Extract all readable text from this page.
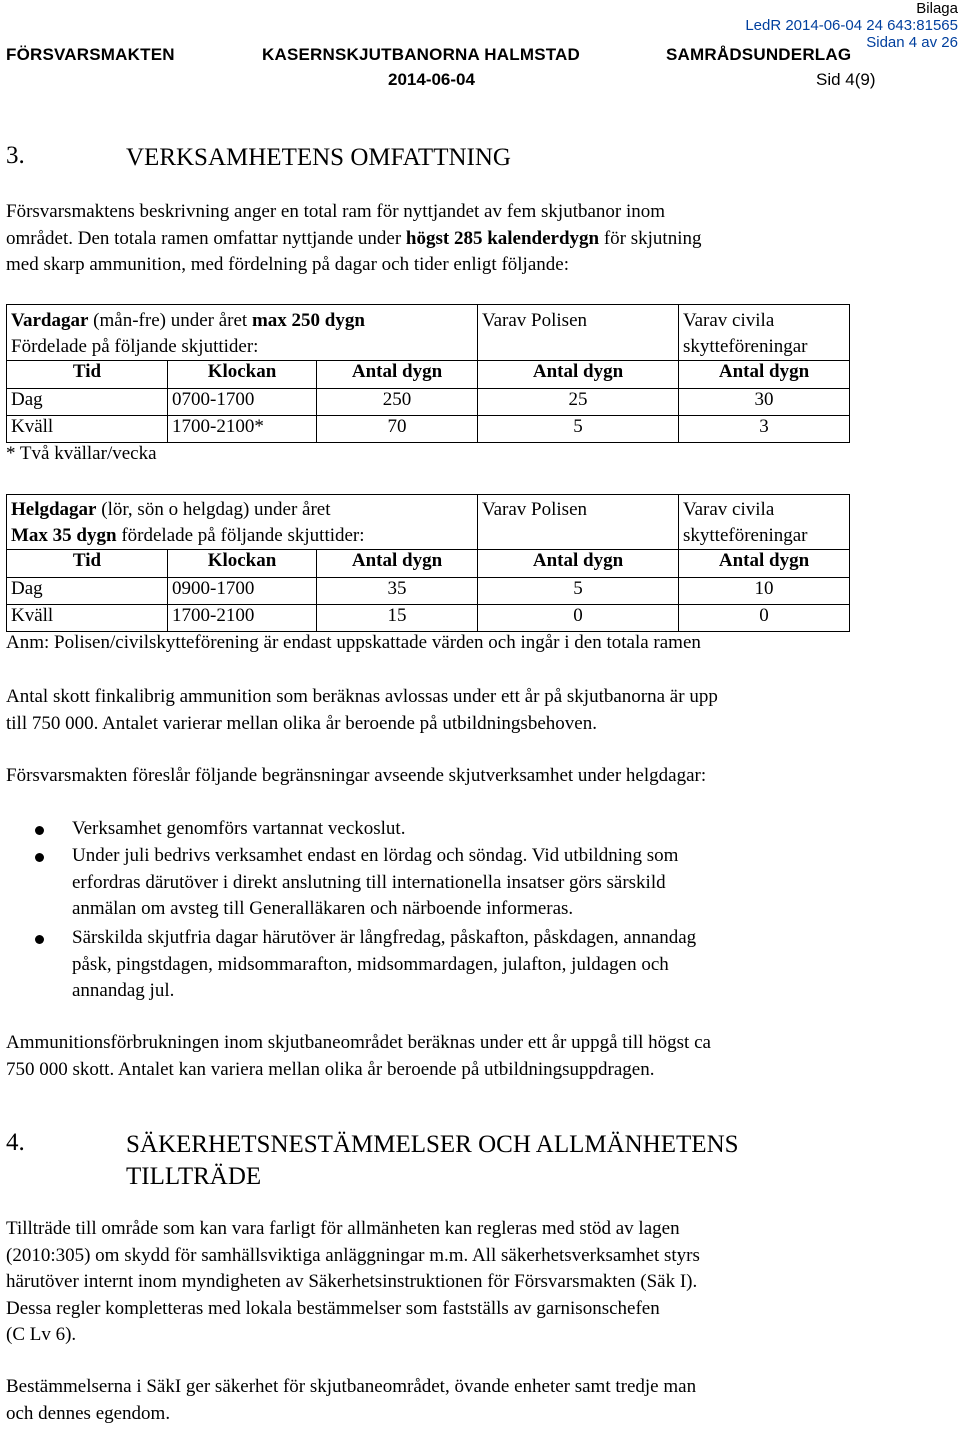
Bilaga
LedR 2014-06-04 24 643:81565
Sidan 4 av 26
FÖRSVARSMAKTEN	KASERNSKJUTBANORNA HALMSTAD	SAMRÅDSUNDERLAG
2014-06-04	Sid 4(9)
3.	VERKSAMHETENS OMFATTNING

Försvarsmaktens beskrivning anger en total ram för nyttjandet av fem skjutbanor inom
området. Den totala ramen omfattar nyttjande under högst 285 kalenderdygn för skjutning
med skarp ammunition, med fördelning på dagar och tider enligt följande:

Vardagar (mån-fre) under året max 250 dygn
Fördelade på följande skjuttider:			Varav Polisen	Varav civila
skytteföreningar
Tid	Klockan	Antal dygn	Antal dygn	Antal dygn
Dag	0700-1700	250	25	30
Kväll	1700-2100*	70	5	3
* Två kvällar/vecka
Helgdagar (lör, sön o helgdag) under året
Max 35 dygn fördelade på följande skjuttider:			Varav Polisen	Varav civila
skytteföreningar
Tid	Klockan	Antal dygn	Antal dygn	Antal dygn
Dag	0900-1700	35	5	10
Kväll	1700-2100	15	0	0
Anm: Polisen/civilskytteförening är endast uppskattade värden och ingår i den totala ramen

Antal skott finkalibrig ammunition som beräknas avlossas under ett år på skjutbanorna är upp
till 750 000. Antalet varierar mellan olika år beroende på utbildningsbehoven.

Försvarsmakten föreslår följande begränsningar avseende skjutverksamhet under helgdagar:

Verksamhet genomförs vartannat veckoslut.
Under juli bedrivs verksamhet endast en lördag och söndag. Vid utbildning som
erfordras därutöver i direkt anslutning till internationella insatser görs särskild
anmälan om avsteg till Generalläkaren och närboende informeras.
Särskilda skjutfria dagar härutöver är långfredag, påskafton, påskdagen, annandag
påsk, pingstdagen, midsommarafton, midsommardagen, julafton, juldagen och
annandag jul.

Ammunitionsförbrukningen inom skjutbaneområdet beräknas under ett år uppgå till högst ca
750 000 skott. Antalet kan variera mellan olika år beroende på utbildningsuppdragen.

4.	SÄKERHETSNESTÄMMELSER OCH ALLMÄNHETENS
TILLTRÄDE

Tillträde till område som kan vara farligt för allmänheten kan regleras med stöd av lagen
(2010:305) om skydd för samhällsviktiga anläggningar m.m. All säkerhetsverksamhet styrs
härutöver internt inom myndigheten av Säkerhetsinstruktionen för Försvarsmakten (Säk I).
Dessa regler kompletteras med lokala bestämmelser som fastställs av garnisonschefen
(C Lv 6).

Bestämmelserna i SäkI ger säkerhet för skjutbaneområdet, övande enheter samt tredje man
och dennes egendom.
